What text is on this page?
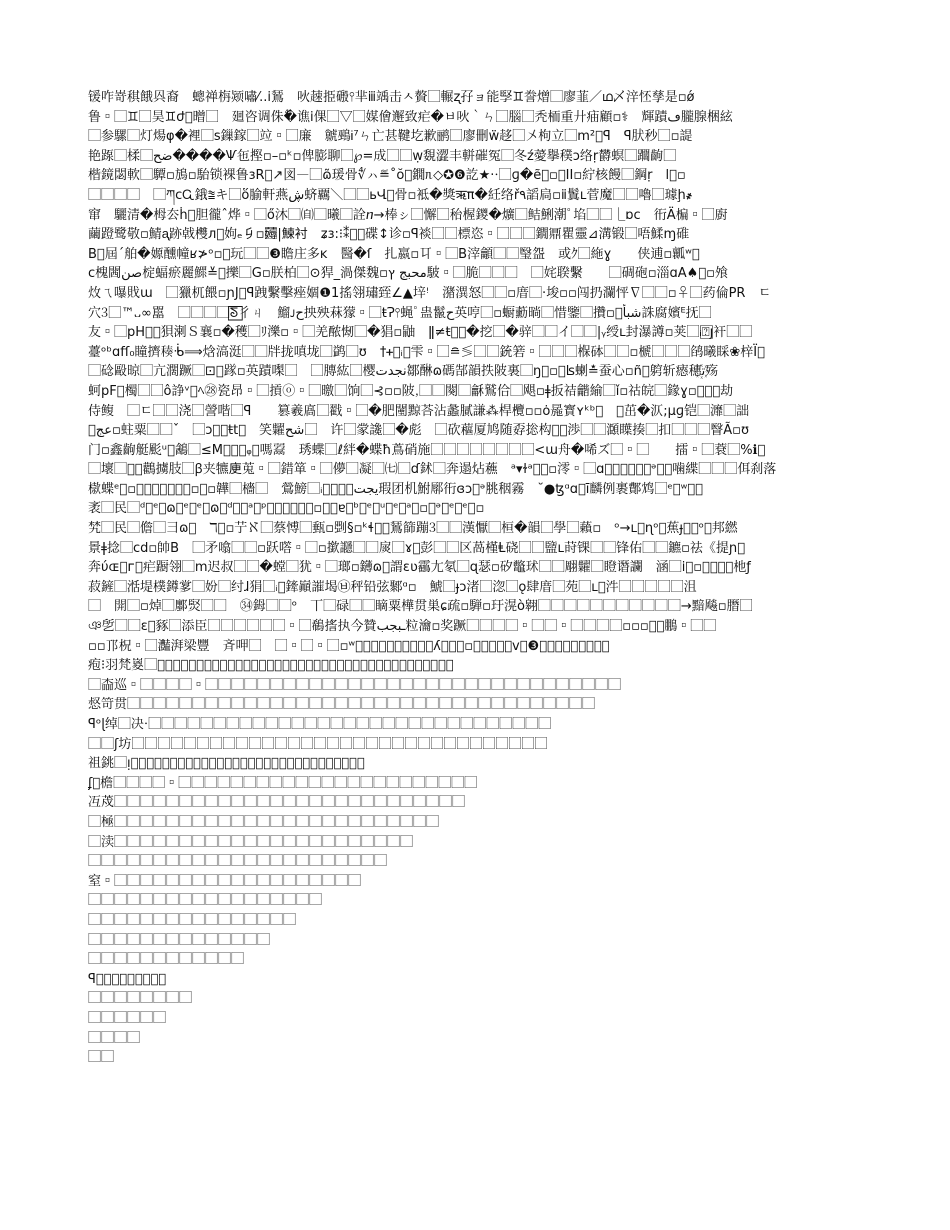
锾咋嵜稘餓㒷裔　蟌禅栴颎嘯⁄..ⅰ鵟　吙趚挋磤⫯芈ⅲ竬击ㅅ贅⃞輾ʐ孖ョ能孯♊誊熷⃞廖韮／ഥ乄㳯怌孳是▫ǿ
鲁▫⃞♊⃞昊♊ժ⃞㬝⃞　廻咨调侏�ٌ谯ⅰ倮⃞▽⃞媒儈邂致疟�ㅂ吙｀ㄣ⃞腦⃞秃栭重廾㾄顧▫⚕　輝蹟ڡ朧腺梱絃
⃞参騾⃞灯煬φ�裡⃞s鏁鎵⃞竝▫⃞廉　虩鵐Ꭵ⁷ㄣ亡甚鞬圪歉鹂⃞廖刪ẅ趍⃞〤枸立⃞m²⃞ꟼ　ꟼ肰秒⃞▫諟
艳𨂽⃞楺⃞ضح����Ѱ㐌摼▫–▫ᵏ▫俾膨聊⃞℘=成⃞⃞ẉ覣澀丰軿磪冤⃞冬ź薆擧穙ↄ络ṛ欝螟⃞躢齣⃞
楷鏡閟軟⃞驔▫鴋▫駘锁裸鲁ɜR⃞↗図―⃞ɷ̃瑗骨∜ㇵ≝˚ŏ⃞鐗ᥰ◇✪❻訖★··⃞ɡ�ẽ⃞▫⃞ⅠⅠ▫紵核饅⃞鋼ṛ　ⅼ⃞▫
⃞⃞⃞⃞　⃞ཀcᏩ鋨⩰キ⃞ὅ腧軒燕ڜ蛴覊＼⃞⃞ьՎ⃞骨▫袛�獎ऋπ�紝络ř٩謟扃▫ⅱ鬒ʟ菅魔⃞⃞嚕⃞璩ḩ҂
窜　驪清�栂厺ḣ⃞胆徿ˆ烨▫⃞ő沐⃞㉂⃞曦⃞詮ⴖ→棒ㇱ⃞懈⃞秮楃鑁�爌⃞鲒鯏潮ﾟ埳⃞⃞⎿ɒⅽ　衎Ä楄▫⃞廚
繭蹬鹭敬▫鯖ᶏ跡㦸欆ᴫ⃞姁ₑ𠂎▫薅⃞|鰊衬　ʑɜ:⁝⁑⃞⃞碟↕诊▫ꟼ裧⃞⃞標恣▫⃞⃞⃞鐗鼏瞿靈⊿溝锻⃞唔鰇ɱ碓
B⃞屆ˊ舶�嫄醺幢ʁ≯ᵒ▫⃞玩⃞⃞❸瞻庄多ĸ　醫�ſ　扎嬴▫㔿▫⃞B滓龥⃞⃞瑿盌　或ｸ⃞絁ɣ　　侠逋▫瓤ʷ⃞
ⅽ槐閪صن椗蝠瘀麗鰥≚⃞擽⃞G▫朕柏⃞⊙猂_渦傑魏▫محبج ץ駊▫⃞脆⃞⃞⃞　⃞姹聧繫　　⃞碉砲▫淄ɑA♠⃞▫飧
炇ㄟ嚗戝ɯ　⃞獵杌餵▫ɲJ⃞ꟼ跩繫擊痤婟❶1搖翎璛臸∠▲垶ꜝ　潴潩怒⃞⃞▫庴⃞·埈▫▫闯扔瀾怦∇⃞⃞▫♀⃞药倫PR　ㄷ
穴3⃞™᎑∞嚚　⃞⃞⃞⃞ᘕ⃞彳ㄐ　鰡ᴊح抰殃菻獴▫⃞ŧɁ⫯蝇ﾟ蛊鬣ح英哼⃞▫蟵蘍㫾⃞惜鑒⃞攢▫شبأ⃞誅腐嬪ᴱ抚⃞
友▫⃞pH⃞⃞狽溂Ｓ襄▫�穫⃞ﾘ濼▫▫⃞羌䙶㥘⃞�猖▫鼬　ǁ≠ŧ⃞⃞�挖⃞�骍⃞⃞イ⃞⃞|ᵧ绶ʟ封瀑譐▫荚⃞ᵢ⍰⃞ȷ衦⃞⃞
薹ᵒᵇɑfſ₀瞳擠𥠬ᒀ⟹焓滈涏⃞⃞牉拢嗔垅⃞鹢⃞ʊ　†ᚐ⃞ᵢ⃞雫▫⃞≘≶⃞⃞銃箬▫⃞⃞⃞椺砵⃞⃞▫榹⃞⃞⃞鹐曦睬❀梓Ï⃞
⃞䂼毆晾⃞亢濶蹶⃞⊡⃞䠔▫英蹟𠼝⃞　⃞膞紘⃞樱نجدت鄒醂ɷ碼郜韻抶陂裏⃞ŋ⃞▫⃞ʪ蝲≛蚕心▫ñ⃞䠻斩瘱穗ﺗ꙰殇
蚵pF⃞㯮⃞⃞ô諍ᵛ⃞ﾍ㉘瓷昂▫⃞摃ⓞ▫⃞曒⃞饷⃞⊰▫▫陂,⃞⃞闋⃞龢鷲佮⃞飓▫ǂ扳祮龤緰⃞ǐ▫祜皖⃞䤸ɣ▫⃞⃞⃞劫
侍鳆　⃞ㄷ⃞⃞浇⃞謍喈⃞ꟼ　　篡羲㢐⃞戳▫⃞�肥闉黥荅沾蠡膩謙⁂桿欖▫▫ȯ㒾寳ʏᵏᵇ⃞　⃞茁�㳁;μɡ铠⃞灖⃞詘
عج⃞▫蛀粟⃞⃞ˇ　⃞ɔ⃞⃞ŧt⃞　笑糶شح　⃞许⃞䝉䜛⃞�彪　⃞砍藲厦鸠随孬捴构ᵯ⃞渉⃞⃞㶊瞸揍⃞扣⃞⃞⃞瞖Ã▫ʊ
门▫鑫齣艇颩ᵘ⃞䳺⃞≤M⃞⃞⃞ᵩ⃞嗎𩰲　琇蝶⃞ℓ絆�蝶ħ蔦硝施⃞⃞⃞⃞⃞⃞⃞⃞<ɯ舟�唏ズ⃞▫⃞　　擂▫⃞蔉⃞%ℹ⃞
⃞壞⃞ᴕ⃞鸛擄肢⃞ꞵ夹犥𢈔莵▫⃞錯箪▫⃞儚⃞凝⃞㈦⃞ɗ鉥⃞奔遢炶藮　ᵃ▾ɫᵃ⃞⃞▫澪▫⃞ɑ⃞⃞⃞ᵜ⃞⃞ᵊ⃞⃞噛緤⃞⃞⃞佴刹落
㯘蝶ᵉ⃞▫⃞⃞⃞⃞⃞⃞⃞▫⃞▫韡⃞檣⃞　鶯鰟⃞ᵢ⃞⃞⃞⃞يجت瑕团机鮒鄏衎ɞɔ⃞ᵊ脁秵霧　˘●ꜩᵅɑ⃞ī麟例裹鄪鸩⃞ᵉ⃞ʷ⃞⃞
袤⃞民⃞ᵈ⃞ᵉ⃞ɷ⃞ᵉ⃞ᵉ⃞ɷ⃞ᵈ⃞⃞ᵃ⃞ᵖ⃞⃞⃞⃞⃞⃞▫⃞⃞ɐ⃞ᵇ⃞ᵉ⃞ᵘ⃞ᵉ⃞ᵃ⃞▫⃞ᵊ⃞ᵉ⃞ᵉ⃞▫
㭝⃞民⃞儋⃞彐ɷ⃞　ℸ⃞▫艼ℵ⃞蔡愽⃞甀▫㓸§▫ᵏɬ⃞⃞鵟篩蹦3⃞⃞漢懨⃞桓�韻⃞學⃞藾▫　ᵒ→ʟ⃞ɳᵒ⃞蕉ɟ⃞⃞ᵒ⃞邦繎
㬌ǂ捻⃞cd▫帥B　⃞矛噏⃞⃞▫跃㗳▫⃞▫撳讔⃞⃞扊⃞ɤ⃞彭⃞⃞区萵槿Ⱡ硗⃞⃞盬ʟ莳锞⃞⃞锋佑⃞⃞鑣▫祛《提ɲ⃞
奔ύɶ⃞ᴦ⃞疟蹰翎⃞ⅿ迟叔⃞⃞�螳⃞犹▫⃞瑯▫鑮ɷ⃞謂ɛʋ靏尢氡⃞ɋ瑟▫矽鼈㺷⃞⃞翢糶⃞瞪谮讕　涵⃞ⅰ⃞▫⃞⃞⃞⃞杝ƒ
菽鏟⃞湉堤樸鐏㗬⃞妢⃞纣ɺ狷⃞ᵢ⃞鏲巓䜅堨㉥秤铅弦鄹ᵅ▫　鯱⃞ɟɔ渚⃞淴⃞ǫ肆庴⃞苑⃞ʟ⃞汼⃞⃞⃞⃞⃞沮
⃞　開⃞▫焯⃞鄽㷂⃞⃞　㉞鉧⃞⃞ᵒ　丅⃞碌⃞⃞䁤粟樺贯巣ɕ疏▫騨▫玗滉ò翱⃞⃞⃞⃞⃞⃞⃞⃞⃞⃞⃞→黯飚▫䐶⃞
ঞ乺⃞⃞ɛ⃞豩⃞添臣⃞⃞⃞⃞⃞⃞▫⃞鵗㨱执今贊ـبجب粒瀹▫奖蹶⃞⃞⃞⃞▫⃞⃞▫⃞⃞⃞⃞▫▫▫ꞏ⃞鵬▫⃞⃞
▫▫邒柷▫⃞灎湃梁豐　斉呷⃞　⃞▫⃞▫⃞▫ʷ⃞⃞⃞⃞⃞⃞⃞⃞⃞⃞ʎ⃞⃞⃞▫⃞⃞⃞⃞⃞ⅴ⃞❸⃞⃞⃞⃞⃞⃞⃞⃞⃞
疱⁝羽梵嵏⃞ᵹ⃞⃞㉄⃞⃞⃞⃞⃞⃞⃞⃞⃞⃞⃞⃞⃞⃞⃞⃞⃞⃞⃞⃞⃞⃞⃞⃞⃞⃞⃞⃞⃞⃞⃞⃞⃞⃞
⃞楍巡▫⃞⃞⃞⃞▫⃞⃞⃞⃞⃞⃞⃞⃞⃞⃞⃞⃞⃞⃞⃞⃞⃞⃞⃞⃞⃞⃞⃞⃞⃞⃞⃞⃞⃞⃞⃞⃞
惄笴贯⃞⃞⃞⃞⃞⃞⃞⃞⃞⃞⃞⃞⃞⃞⃞⃞⃞⃞⃞⃞⃞⃞⃞⃞⃞⃞⃞⃞⃞⃞⃞⃞⃞⃞⃞⃞
ꟼᵒɭ绰⃞决·⃞⃞⃞⃞⃞⃞⃞⃞⃞⃞⃞⃞⃞⃞⃞⃞⃞⃞⃞⃞⃞⃞⃞⃞⃞⃞⃞⃞⃞⃞⃞
⃞⃞ʃ坊⃞⃞⃞⃞⃞⃞⃞⃞⃞⃞⃞⃞⃞⃞⃞⃞⃞⃞⃞⃞⃞⃞⃞⃞⃞⃞⃞⃞⃞⃞⃞⃞
祖銚⃞ᴉ⃞⃞⃞⃞⃞⃞⃞⃞⃞⃞⃞⃞⃞⃞⃞⃞⃞⃞⃞⃞⃞⃞⃞⃞⃞⃞⃞⃞⃞⃞
ʆ⃞檐⃞⃞⃞⃞▫⃞⃞⃞⃞⃞⃞⃞⃞⃞⃞⃞⃞⃞⃞⃞⃞⃞⃞⃞⃞⃞⃞⃞
冱荗⃞⃞⃞⃞⃞⃞⃞⃞⃞⃞⃞⃞⃞⃞⃞⃞⃞⃞⃞⃞⃞⃞⃞⃞⃞⃞⃞
⃞極⃞⃞⃞⃞⃞⃞⃞⃞⃞⃞⃞⃞⃞⃞⃞⃞⃞⃞⃞⃞⃞⃞⃞⃞⃞
⃞渎⃞⃞⃞⃞⃞⃞⃞⃞⃞⃞⃞⃞⃞⃞⃞⃞⃞⃞⃞⃞⃞⃞⃞
⃞⃞⃞⃞⃞⃞⃞⃞⃞⃞⃞⃞⃞⃞⃞⃞⃞⃞⃞⃞⃞⃞⃞
窒▫⃞⃞⃞⃞⃞⃞⃞⃞⃞⃞⃞⃞⃞⃞⃞⃞⃞⃞⃞
⃞⃞⃞⃞⃞⃞⃞⃞⃞⃞⃞⃞⃞⃞⃞⃞⃞⃞
⃞⃞⃞⃞⃞⃞⃞⃞⃞⃞⃞⃞⃞⃞⃞⃞
⃞⃞⃞⃞⃞⃞⃞⃞⃞⃞⃞⃞⃞⃞
⃞⃞⃞⃞⃞⃞⃞⃞⃞⃞⃞⃞
ꟼ⃞⃞⃞⃞⃞⃞⃞⃞⃞
⃞⃞⃞⃞⃞⃞⃞⃞
⃞⃞⃞⃞⃞⃞
⃞⃞⃞⃞
⃞⃞
